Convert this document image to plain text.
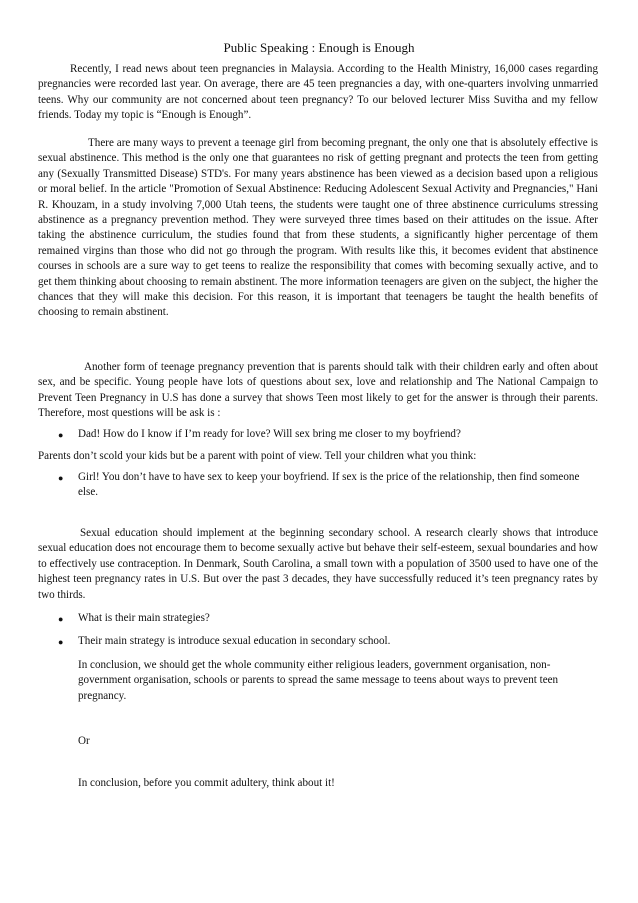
Public Speaking : Enough is Enough

Recently, I read news about teen pregnancies in Malaysia. According to the Health Ministry, 16,000 cases regarding pregnancies were recorded last year. On average, there are 45 teen pregnancies a day, with one-quarters involving unmarried teens. Why our community are not concerned about teen pregnancy? To our beloved lecturer Miss Suvitha and my fellow friends. Today my topic is “Enough is Enough”.

There are many ways to prevent a teenage girl from becoming pregnant, the only one that is absolutely effective is sexual abstinence. This method is the only one that guarantees no risk of getting pregnant and protects the teen from getting any (Sexually Transmitted Disease) STD's. For many years abstinence has been viewed as a decision based upon a religious or moral belief. In the article "Promotion of Sexual Abstinence: Reducing Adolescent Sexual Activity and Pregnancies," Hani R. Khouzam, in a study involving 7,000 Utah teens, the students were taught one of three abstinence curriculums stressing abstinence as a pregnancy prevention method. They were surveyed three times based on their attitudes on the issue. After taking the abstinence curriculum, the studies found that from these students, a significantly higher percentage of them remained virgins than those who did not go through the program. With results like this, it becomes evident that abstinence courses in schools are a sure way to get teens to realize the responsibility that comes with becoming sexually active, and to get them thinking about choosing to remain abstinent. The more information teenagers are given on the subject, the higher the chances that they will make this decision. For this reason, it is important that teenagers be taught the health benefits of choosing to remain abstinent.

Another form of teenage pregnancy prevention that is parents should talk with their children early and often about sex, and be specific. Young people have lots of questions about sex, love and relationship and The National Campaign to Prevent Teen Pregnancy in U.S has done a survey that shows Teen most likely to get for the answer is through their parents. Therefore, most questions will be ask is :

● Dad! How do I know if I’m ready for love? Will sex bring me closer to my boyfriend?

Parents don’t scold your kids but be a parent with point of view. Tell your children what you think:

● Girl! You don’t have to have sex to keep your boyfriend. If sex is the price of the relationship, then find someone else.

Sexual education should implement at the beginning secondary school. A research clearly shows that introduce sexual education does not encourage them to become sexually active but behave their self-esteem, sexual boundaries and how to effectively use contraception. In Denmark, South Carolina, a small town with a population of 3500 used to have one of the highest teen pregnancy rates in U.S. But over the past 3 decades, they have successfully reduced it’s teen pregnancy rates by two thirds.

● What is their main strategies?

● Their main strategy is introduce sexual education in secondary school.

In conclusion, we should get the whole community either religious leaders, government organisation, non-government organisation, schools or parents to spread the same message to teens about ways to prevent teen pregnancy.

Or

In conclusion, before you commit adultery, think about it!
